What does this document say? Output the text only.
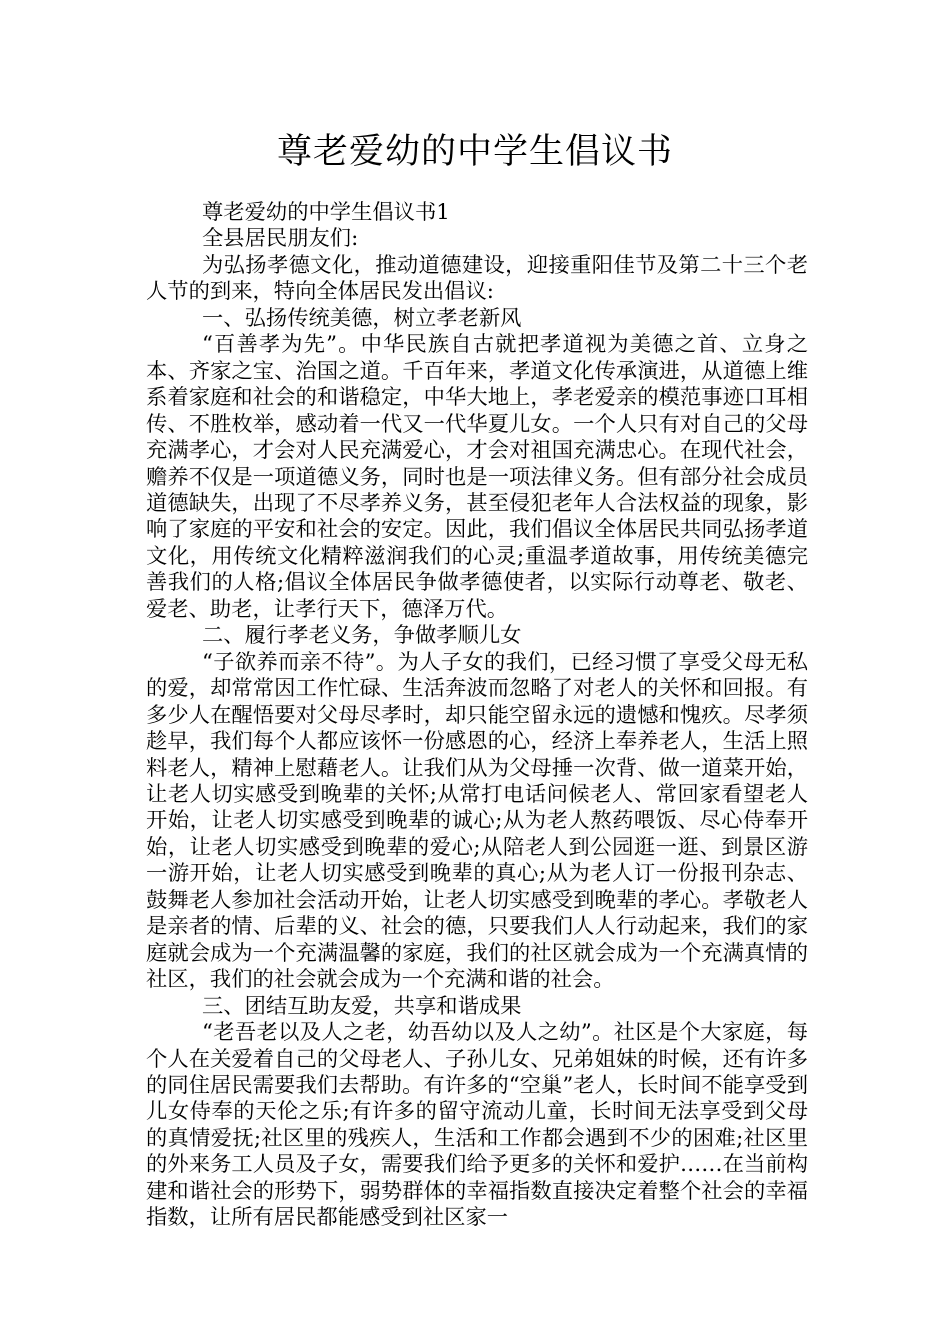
尊老爱幼的中学生倡议书

尊老爱幼的中学生倡议书1

全县居民朋友们:

为弘扬孝德文化，推动道德建设，迎接重阳佳节及第二十三个老人节的到来，特向全体居民发出倡议:

一、弘扬传统美德，树立孝老新风

“百善孝为先”。中华民族自古就把孝道视为美德之首、立身之本、齐家之宝、治国之道。千百年来，孝道文化传承演进，从道德上维系着家庭和社会的和谐稳定，中华大地上，孝老爱亲的模范事迹口耳相传、不胜枚举，感动着一代又一代华夏儿女。一个人只有对自己的父母充满孝心，才会对人民充满爱心，才会对祖国充满忠心。在现代社会，赡养不仅是一项道德义务，同时也是一项法律义务。但有部分社会成员道德缺失，出现了不尽孝养义务，甚至侵犯老年人合法权益的现象，影响了家庭的平安和社会的安定。因此，我们倡议全体居民共同弘扬孝道文化，用传统文化精粹滋润我们的心灵;重温孝道故事，用传统美德完善我们的人格;倡议全体居民争做孝德使者，以实际行动尊老、敬老、爱老、助老，让孝行天下，德泽万代。

二、履行孝老义务，争做孝顺儿女

“子欲养而亲不待”。为人子女的我们，已经习惯了享受父母无私的爱，却常常因工作忙碌、生活奔波而忽略了对老人的关怀和回报。有多少人在醒悟要对父母尽孝时，却只能空留永远的遗憾和愧疚。尽孝须趁早，我们每个人都应该怀一份感恩的心，经济上奉养老人，生活上照料老人，精神上慰藉老人。让我们从为父母捶一次背、做一道菜开始，让老人切实感受到晚辈的关怀;从常打电话问候老人、常回家看望老人开始，让老人切实感受到晚辈的诚心;从为老人熬药喂饭、尽心侍奉开始，让老人切实感受到晚辈的爱心;从陪老人到公园逛一逛、到景区游一游开始，让老人切实感受到晚辈的真心;从为老人订一份报刊杂志、鼓舞老人参加社会活动开始，让老人切实感受到晚辈的孝心。孝敬老人是亲者的情、后辈的义、社会的德，只要我们人人行动起来，我们的家庭就会成为一个充满温馨的家庭，我们的社区就会成为一个充满真情的社区，我们的社会就会成为一个充满和谐的社会。

三、团结互助友爱，共享和谐成果

“老吾老以及人之老，幼吾幼以及人之幼”。社区是个大家庭，每个人在关爱着自己的父母老人、子孙儿女、兄弟姐妹的时候，还有许多的同住居民需要我们去帮助。有许多的“空巢”老人，长时间不能享受到儿女侍奉的天伦之乐;有许多的留守流动儿童，长时间无法享受到父母的真情爱抚;社区里的残疾人，生活和工作都会遇到不少的困难;社区里的外来务工人员及子女，需要我们给予更多的关怀和爱护……在当前构建和谐社会的形势下，弱势群体的幸福指数直接决定着整个社会的幸福指数，让所有居民都能感受到社区家一
